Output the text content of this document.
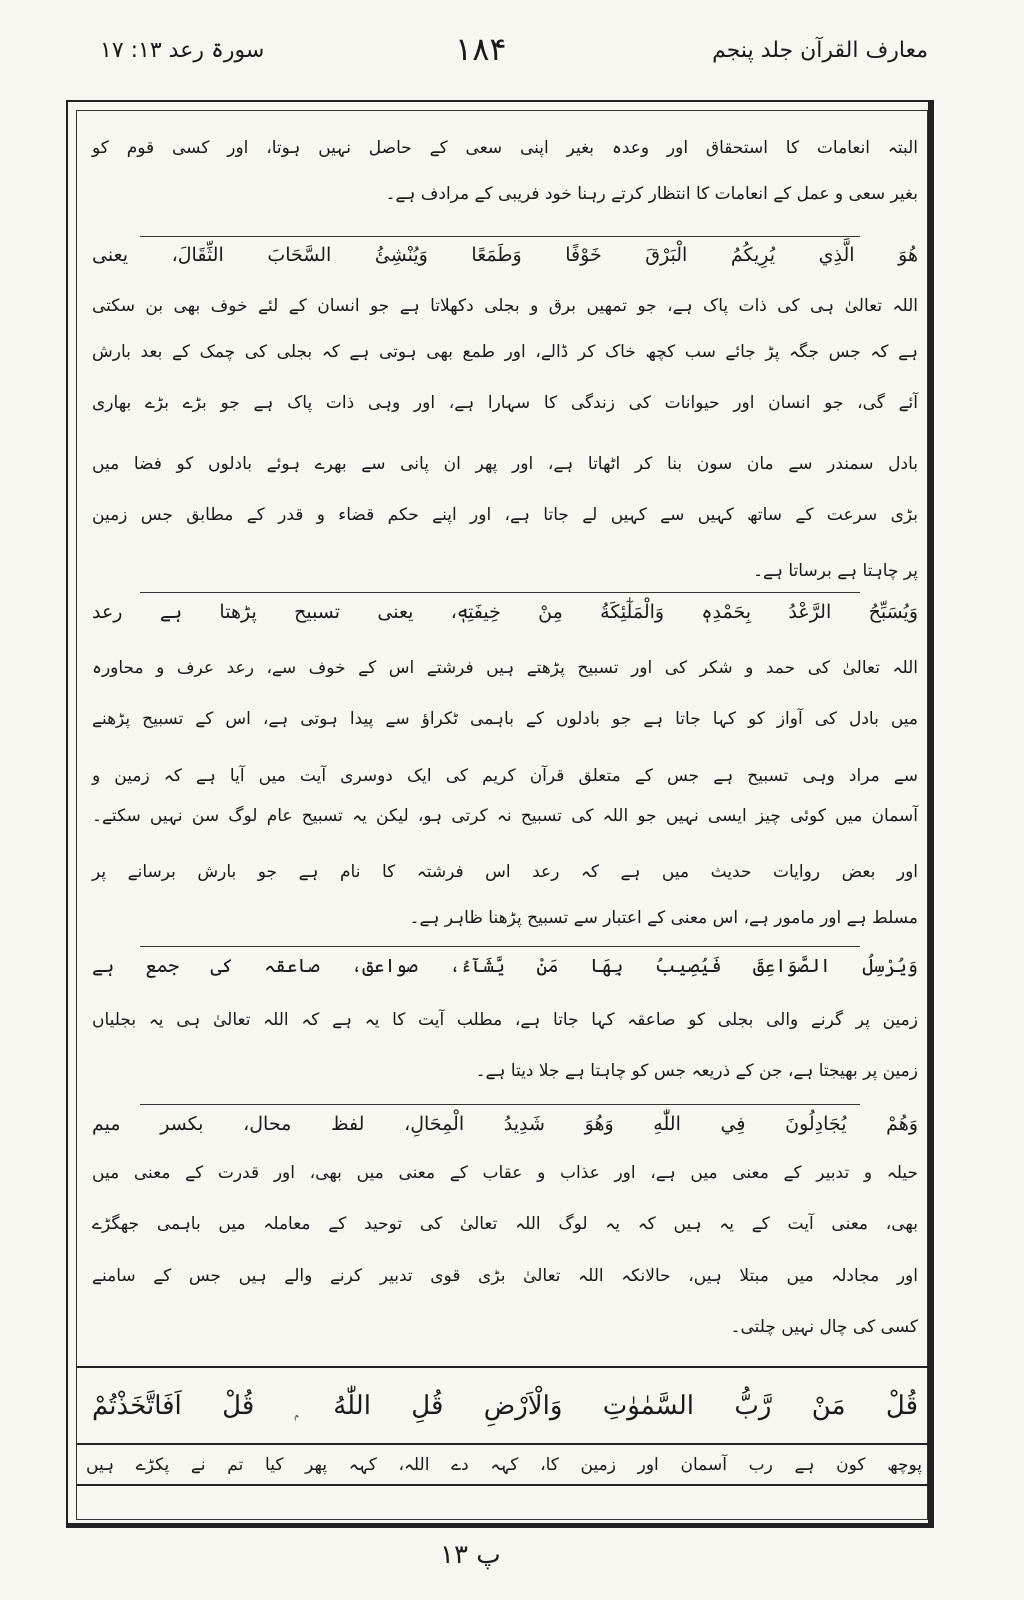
معارف القرآن جلد پنجم
۱۸۴
سورۃ رعد ۱۳: ۱۷
البتہ انعامات کا استحقاق اور وعدہ بغیر اپنی سعی کے حاصل نہیں ہوتا، اور کسی قوم کو
بغیر سعی و عمل کے انعامات کا انتظار کرتے رہنا خود فریبی کے مرادف ہے۔
هُوَ الَّذِي يُرِيكُمُ الْبَرْقَ خَوْفًا وَطَمَعًا وَيُنْشِئُ السَّحَابَ الثِّقَالَ، یعنی
اللہ تعالیٰ ہی کی ذات پاک ہے، جو تمھیں برق و بجلی دکھلاتا ہے جو انسان کے لئے خوف بھی بن سکتی
ہے کہ جس جگہ پڑ جائے سب کچھ خاک کر ڈالے، اور طمع بھی ہوتی ہے کہ بجلی کی چمک کے بعد بارش
آئے گی، جو انسان اور حیوانات کی زندگی کا سہارا ہے، اور وہی ذات پاک ہے جو بڑے بڑے بھاری
بادل سمندر سے مان سون بنا کر اٹھاتا ہے، اور پھر ان پانی سے بھرے ہوئے بادلوں کو فضا میں
بڑی سرعت کے ساتھ کہیں سے کہیں لے جاتا ہے، اور اپنے حکم قضاء و قدر کے مطابق جس زمین
پر چاہتا ہے برساتا ہے۔
وَيُسَبِّحُ الرَّعْدُ بِحَمْدِهٖ وَالْمَلٰٓئِكَةُ مِنْ خِيفَتِهٖ، یعنی تسبیح پڑھتا ہے رعد
اللہ تعالیٰ کی حمد و شکر کی اور تسبیح پڑھتے ہیں فرشتے اس کے خوف سے، رعد عرف و محاورہ
میں بادل کی آواز کو کہا جاتا ہے جو بادلوں کے باہمی ٹکراؤ سے پیدا ہوتی ہے، اس کے تسبیح پڑھنے
سے مراد وہی تسبیح ہے جس کے متعلق قرآن کریم کی ایک دوسری آیت میں آیا ہے کہ زمین و
آسمان میں کوئی چیز ایسی نہیں جو اللہ کی تسبیح نہ کرتی ہو، لیکن یہ تسبیح عام لوگ سن نہیں سکتے۔
اور بعض روایات حدیث میں ہے کہ رعد اس فرشتہ کا نام ہے جو بارش برسانے پر
مسلط ہے اور مامور ہے، اس معنی کے اعتبار سے تسبیح پڑھنا ظاہر ہے۔
وَيُرْسِلُ الصَّوَاعِقَ فَيُصِيبُ بِهَا مَنْ يَّشَآءُ، صواعق، صاعقہ کی جمع ہے
زمین پر گرنے والی بجلی کو صاعقہ کہا جاتا ہے، مطلب آیت کا یہ ہے کہ اللہ تعالیٰ ہی یہ بجلیاں
زمین پر بھیجتا ہے، جن کے ذریعہ جس کو چاہتا ہے جلا دیتا ہے۔
وَهُمْ يُجَادِلُونَ فِي اللّٰهِ وَهُوَ شَدِيدُ الْمِحَالِ، لفظ محال، بکسر میم
حیلہ و تدبیر کے معنی میں ہے، اور عذاب و عقاب کے معنی میں بھی، اور قدرت کے معنی میں
بھی، معنی آیت کے یہ ہیں کہ یہ لوگ اللہ تعالیٰ کی توحید کے معاملہ میں باہمی جھگڑے
اور مجادلہ میں مبتلا ہیں، حالانکہ اللہ تعالیٰ بڑی قوی تدبیر کرنے والے ہیں جس کے سامنے
کسی کی چال نہیں چلتی۔
قُلْ مَنْ رَّبُّ السَّمٰوٰتِ وَالْاَرْضِ قُلِ اللّٰهُ ۭ قُلْ اَفَاتَّخَذْتُمْ
پوچھ کون ہے رب آسمان اور زمین کا، کہہ دے اللہ، کہہ پھر کیا تم نے پکڑے ہیں
پ ۱۳
